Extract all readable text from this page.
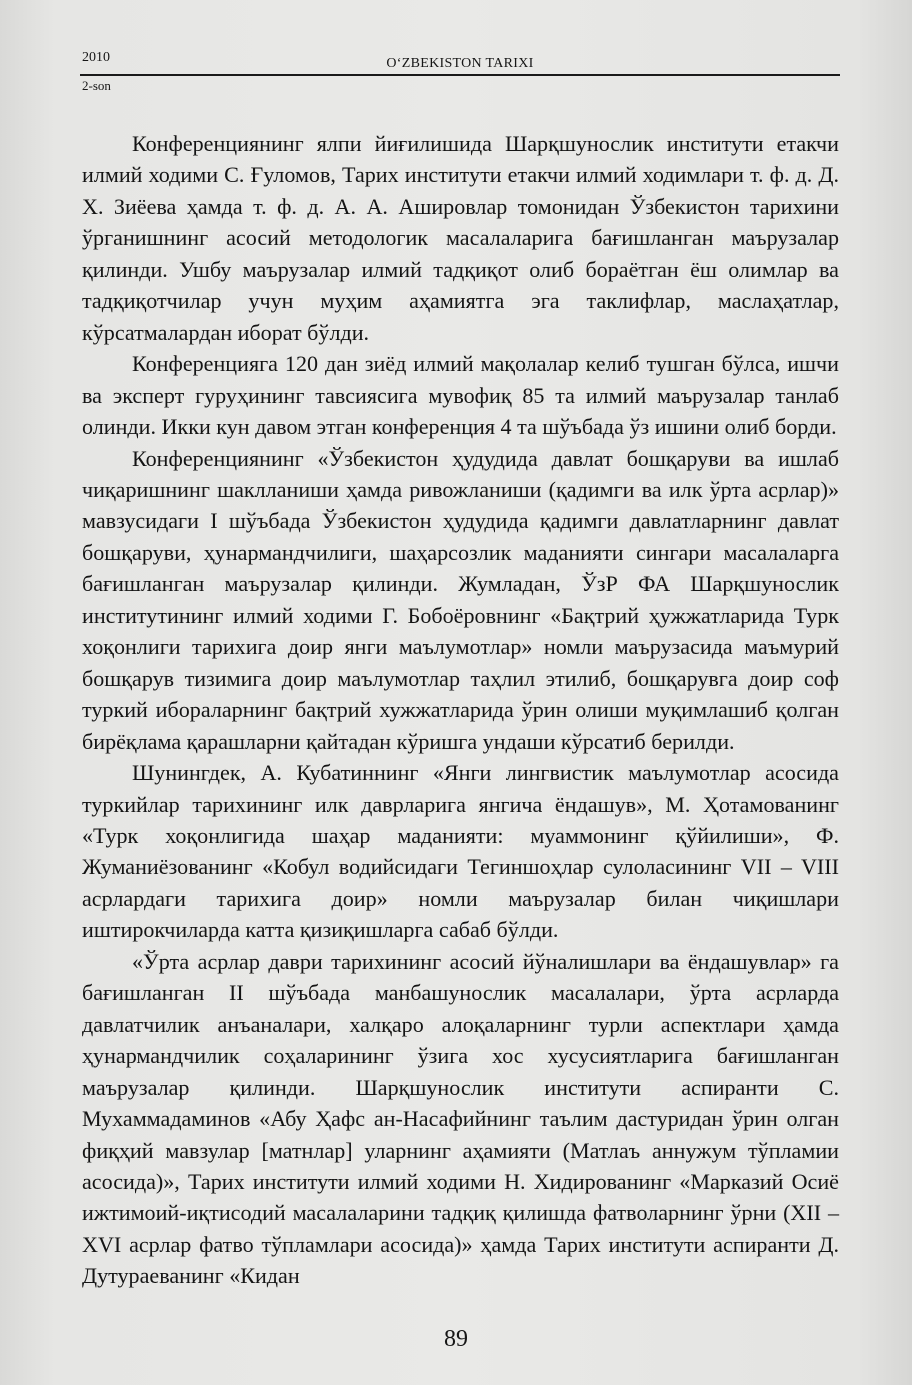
2010	O‘ZBEKISTON TARIXI
2-son

Конференциянинг ялпи йиғилишида Шарқшунослик институти етакчи илмий ходими С. Ғуломов, Тарих институти етакчи илмий ходимлари т. ф. д. Д. Х. Зиёева ҳамда т. ф. д. А. А. Ашировлар томонидан Ўзбекистон тарихини ўрганишнинг асосий методологик масалаларига бағишланган маърузалар қилинди. Ушбу маърузалар илмий тадқиқот олиб бораётган ёш олимлар ва тадқиқотчилар учун муҳим аҳамиятга эга таклифлар, маслаҳатлар, кўрсатмалардан иборат бўлди.

Конференцияга 120 дан зиёд илмий мақолалар келиб тушган бўлса, ишчи ва эксперт гуруҳининг тавсиясига мувофиқ 85 та илмий маърузалар танлаб олинди. Икки кун давом этган конференция 4 та шўъбада ўз ишини олиб борди.

Конференциянинг «Ўзбекистон ҳудудида давлат бошқаруви ва ишлаб чиқаришнинг шаклланиши ҳамда ривожланиши (қадимги ва илк ўрта асрлар)» мавзусидаги I шўъбада Ўзбекистон ҳудудида қадимги давлатларнинг давлат бошқаруви, ҳунармандчилиги, шаҳарсозлик маданияти сингари масалаларга бағишланган маърузалар қилинди. Жумладан, ЎзР ФА Шарқшунослик институтининг илмий ходими Г. Бобоёровнинг «Бақтрий ҳужжатларида Турк хоқонлиги тарихига доир янги маълумотлар» номли маърузасида маъмурий бошқарув тизимига доир маълумотлар таҳлил этилиб, бошқарувга доир соф туркий ибораларнинг бақтрий хужжатларида ўрин олиши муқимлашиб қолган бирёқлама қарашларни қайтадан кўришга ундаши кўрсатиб берилди.

Шунингдек, А. Кубатиннинг «Янги лингвистик маълумотлар асосида туркийлар тарихининг илк даврларига янгича ёндашув», М. Ҳотамованинг «Турк хоқонлигида шаҳар маданияти: муаммонинг қўйилиши», Ф. Жуманиёзованинг «Кобул водийсидаги Тегиншоҳлар сулоласининг VII – VIII асрлардаги тарихига доир» номли маърузалар билан чиқишлари иштирокчиларда катта қизиқишларга сабаб бўлди.

«Ўрта асрлар даври тарихининг асосий йўналишлари ва ёндашувлар» га бағишланган II шўъбада манбашунослик масалалари, ўрта асрларда давлатчилик анъаналари, халқаро алоқаларнинг турли аспектлари ҳамда ҳунармандчилик соҳаларининг ўзига хос хусусиятларига бағишланган маърузалар қилинди. Шарқшунослик институти аспиранти С. Мухаммадаминов «Абу Ҳафс ан-Насафийнинг таълим дастуридан ўрин олган фиқҳий мавзулар [матнлар] уларнинг аҳамияти (Матлаъ аннужум тўпламии асосида)», Тарих институти илмий ходими Н. Хидированинг «Марказий Осиё ижтимоий-иқтисодий масалаларини тадқиқ қилишда фатволарнинг ўрни (XII – XVI асрлар фатво тўпламлари асосида)» ҳамда Тарих институти аспиранти Д. Дутураеванинг «Кидан

89
